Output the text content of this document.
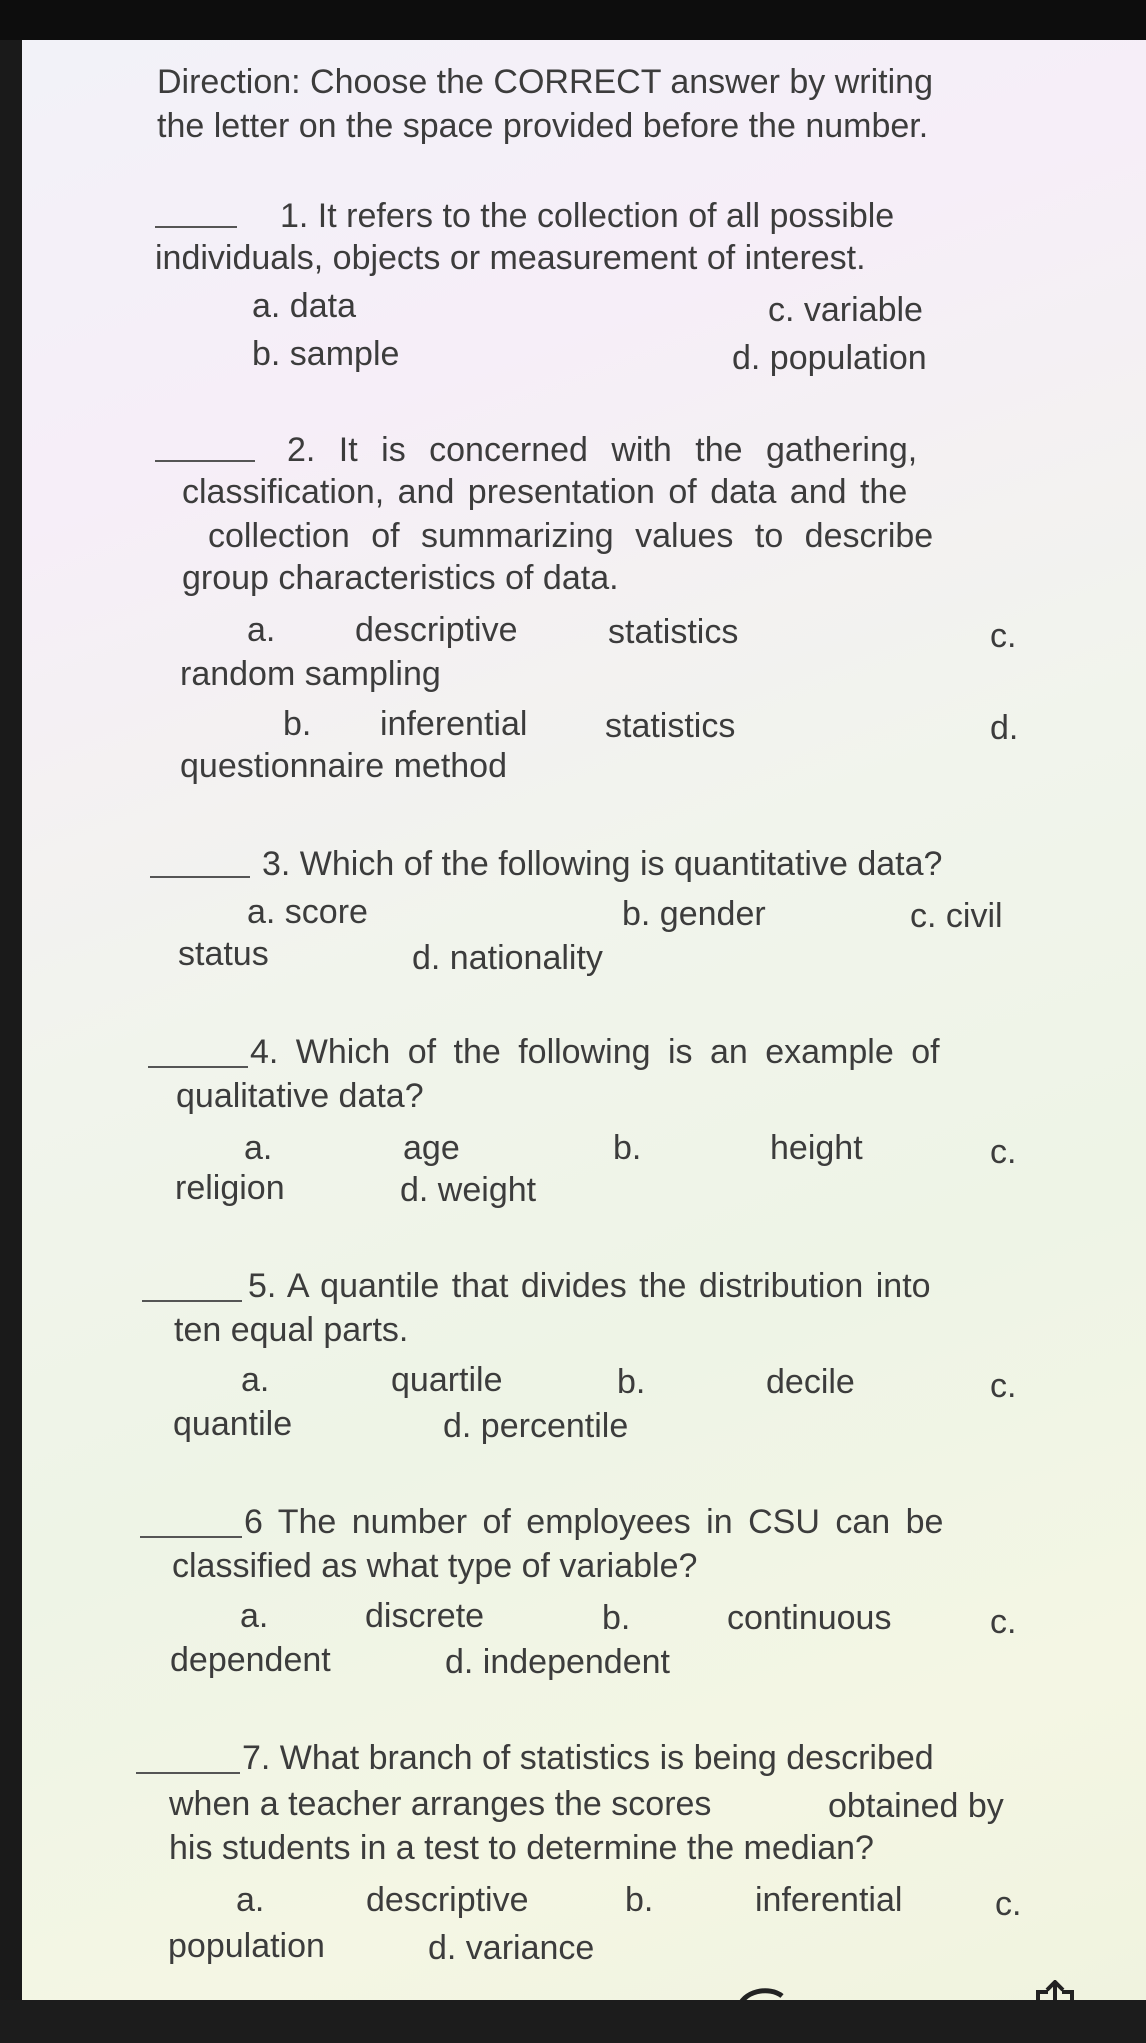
Direction: Choose the CORRECT answer by writing
the letter on the space provided before the number.
1. It refers to the collection of all possible
individuals, objects or measurement of interest.
a. data	c. variable
b. sample	d. population
2. It is concerned with the gathering,
classification, and presentation of data and the
collection of summarizing values to describe
group characteristics of data.
a. descriptive	statistics	c.
random sampling
b. inferential statistics	d.
questionnaire method
3. Which of the following is quantitative data?
a. score	b. gender	c. civil
status	d. nationality
4. Which of the following is an example of
qualitative data?
a.	age	b.	height	c.
religion	d. weight
5. A quantile that divides the distribution into
ten equal parts.
a.	quartile	b.	decile	c.
quantile	d. percentile
6 The number of employees in CSU can be
classified as what type of variable?
a.	discrete	b.	continuous	c.
dependent	d. independent
7. What branch of statistics is being described
when a teacher arranges the scores	obtained by
his students in a test to determine the median?
a.	descriptive	b.	inferential	c.
population	d. variance
